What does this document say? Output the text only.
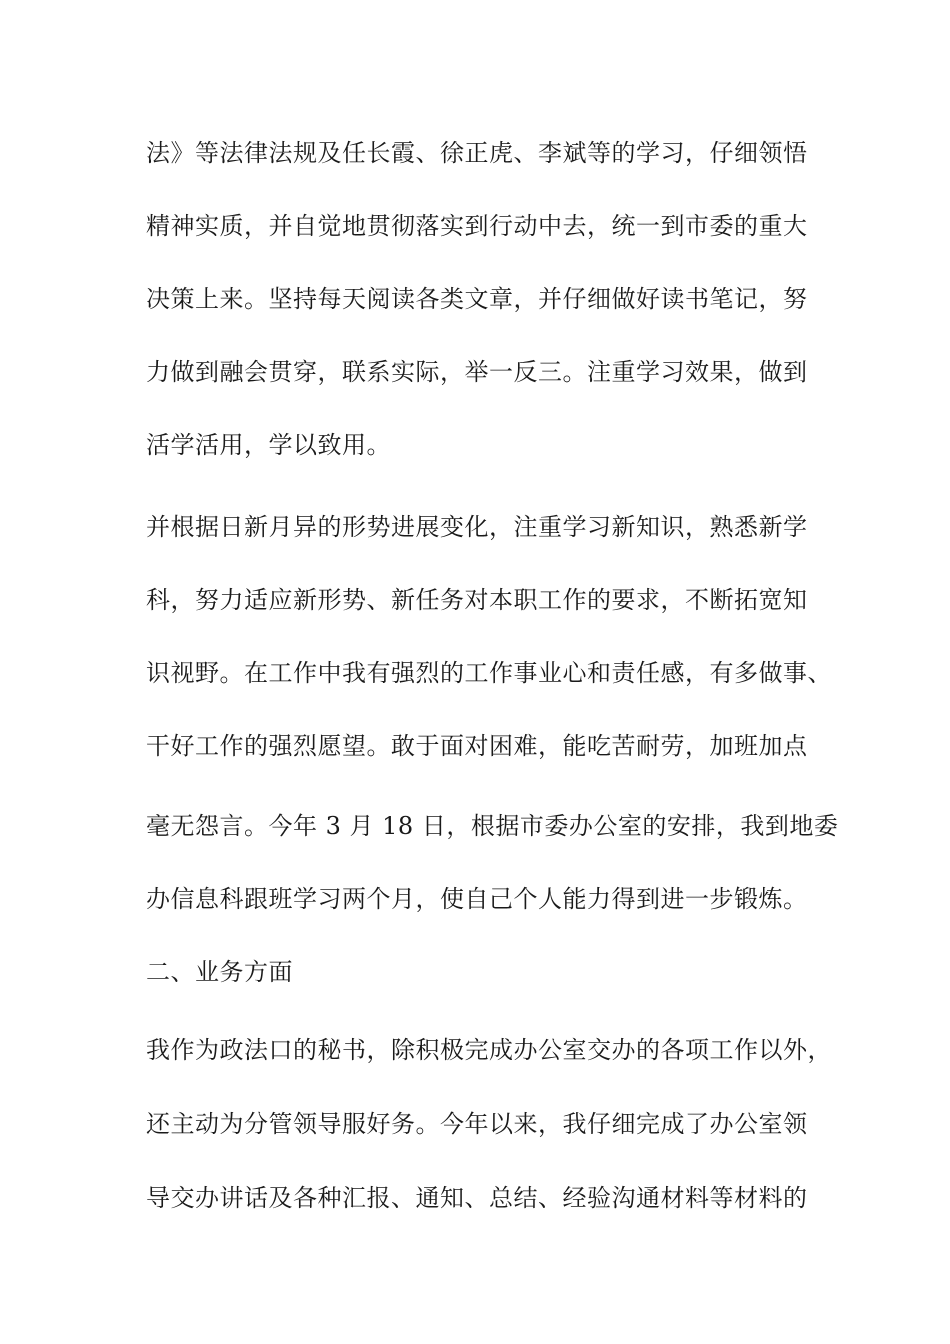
法》等法律法规及任长霞、徐正虎、李斌等的学习，仔细领悟
精神实质，并自觉地贯彻落实到行动中去，统一到市委的重大
决策上来。坚持每天阅读各类文章，并仔细做好读书笔记，努
力做到融会贯穿，联系实际，举一反三。注重学习效果，做到
活学活用，学以致用。
并根据日新月异的形势进展变化，注重学习新知识，熟悉新学
科，努力适应新形势、新任务对本职工作的要求，不断拓宽知
识视野。在工作中我有强烈的工作事业心和责任感，有多做事、
干好工作的强烈愿望。敢于面对困难，能吃苦耐劳，加班加点
毫无怨言。今年 3 月 18 日，根据市委办公室的安排，我到地委
办信息科跟班学习两个月，使自己个人能力得到进一步锻炼。
二、业务方面
我作为政法口的秘书，除积极完成办公室交办的各项工作以外，
还主动为分管领导服好务。今年以来，我仔细完成了办公室领
导交办讲话及各种汇报、通知、总结、经验沟通材料等材料的
